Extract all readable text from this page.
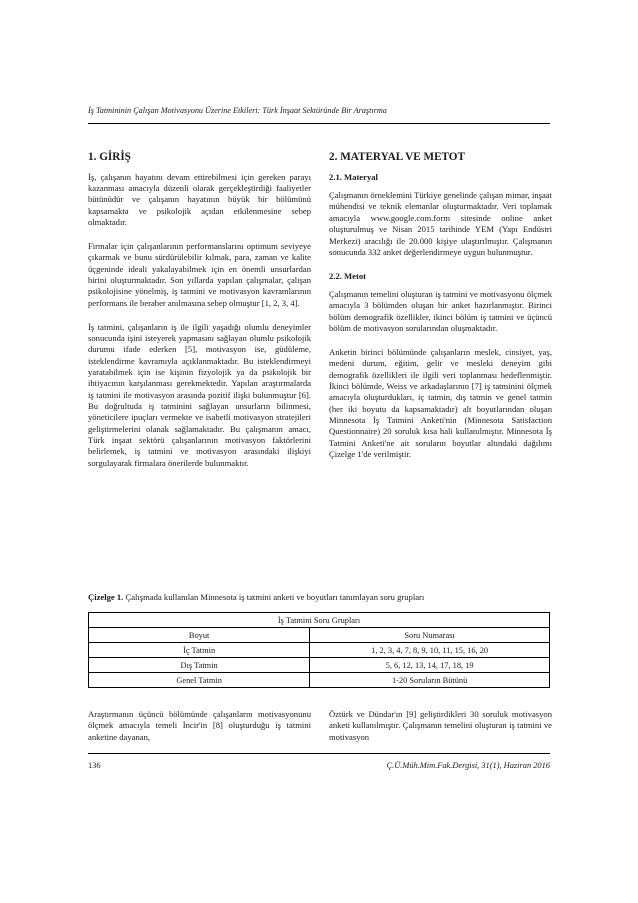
İş Tatmininin Çalışan Motivasyonu Üzerine Etkileri: Türk İnşaat Sektöründe Bir Araştırma
1. GİRİŞ

İş, çalışanın hayatını devam ettirebilmesi için gereken parayı kazanması amacıyla düzenli olarak gerçekleştirdiği faaliyetler bütünüdür ve çalışanın hayatının büyük bir bölümünü kapsamakta ve psikolojik açıdan etkilenmesine sebep olmaktadır.

Firmalar için çalışanlarının performanslarını optimum seviyeye çıkarmak ve bunu sürdürülebilir kılmak, para, zaman ve kalite üçgeninde ideali yakalayabilmek için en önemli unsurlardan birini oluşturmaktadır. Son yıllarda yapılan çalışmalar, çalışan psikolojisine yönelmiş, iş tatmini ve motivasyon kavramlarının performans ile beraber anılmasına sebep olmuştur [1, 2, 3, 4].

İş tatmini, çalışanların iş ile ilgili yaşadığı olumlu deneyimler sonucunda işini isteyerek yapmasını sağlayan olumlu psikolojik durumu ifade ederken [5], motivasyon ise, güdüleme, isteklendirme kavramıyla açıklanmaktadır. Bu isteklendirmeyi yaratabilmek için ise kişinin fizyolojik ya da psikolojik bir ihtiyacının karşılanması gerekmektedir. Yapılan araştırmalarda iş tatmini ile motivasyon arasında pozitif ilişki bulunmuştur [6]. Bu doğrultuda iş tatminini sağlayan unsurların bilinmesi, yöneticilere ipuçları vermekte ve isabetli motivasyon stratejileri geliştirmelerini olanak sağlamaktadır. Bu çalışmanın amacı, Türk inşaat sektörü çalışanlarının motivasyon faktörlerini belirlemek, iş tatmini ve motivasyon arasındaki ilişkiyi sorgulayarak firmalara önerilerde bulunmaktır.

2. MATERYAL VE METOT
2.1. Materyal

Çalışmanın örneklemini Türkiye genelinde çalışan mimar, inşaat mühendisi ve teknik elemanlar oluşturmaktadır. Veri toplamak amacıyla www.google.com.form sitesinde online anket oluşturulmuş ve Nisan 2015 tarihinde YEM (Yapı Endüstri Merkezi) aracılığı ile 20.000 kişiye ulaştırılmıştır. Çalışmanın sonucunda 332 anket değerlendirmeye uygun bulunmuştur.

2.2. Metot

Çalışmanın temelini oluşturan iş tatmini ve motivasyonu ölçmek amacıyla 3 bölümden oluşan bir anket hazırlanmıştır. Birinci bölüm demografik özellikler, ikinci bölüm iş tatmini ve üçüncü bölüm de motivasyon sorularından oluşmaktadır.

Anketin birinci bölümünde çalışanların meslek, cinsiyet, yaş, medeni durum, eğitim, gelir ve mesleki deneyim gibi demografik özellikleri ile ilgili veri toplanması hedeflenmiştir. İkinci bölümde, Weiss ve arkadaşlarının [7] iş tatminini ölçmek amacıyla oluşturdukları, iç tatmin, dış tatmin ve genel tatmin (her iki boyutu da kapsamaktadır) alt boyutlarından oluşan Minnesota İş Tatmini Anketi'nin (Minnesota Satisfaction Questionnaire) 20 soruluk kısa hali kullanılmıştır. Minnesota İş Tatmini Anketi'ne ait soruların boyutlar altındaki dağılımı Çizelge 1'de verilmiştir.

Çizelge 1. Çalışmada kullanılan Minnesota iş tatmini anketi ve boyutları tanımlayan soru grupları
İş Tatmini Soru Grupları	
Boyut	Soru Numarası
İç Tatmin	1, 2, 3, 4, 7, 8, 9, 10, 11, 15, 16, 20
Dış Tatmin	5, 6, 12, 13, 14, 17, 18, 19
Genel Tatmin	1-20 Soruların Bütünü
Araştırmanın üçüncü bölümünde çalışanların motivasyonunu ölçmek amacıyla temeli İncir'in [8] oluşturduğu iş tatmini anketine dayanan,
Öztürk ve Dündar'ın [9] geliştirdikleri 30 soruluk motivasyon anketi kullanılmıştır. Çalışmanın temelini oluşturan iş tatmini ve motivasyon
136	Ç.Ü.Müh.Mim.Fak.Dergisi, 31(1), Haziran 2016
